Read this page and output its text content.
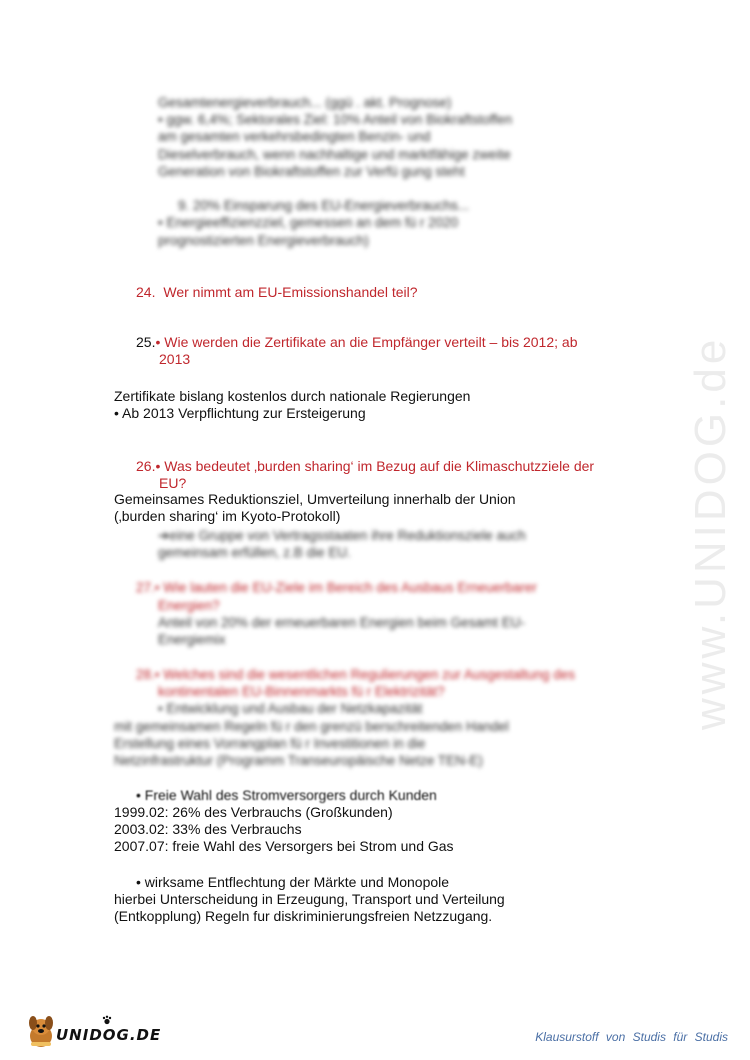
www.UNIDOG.de
Gesamtenergieverbrauch... (ggü . akt. Prognose)
• ggw. 6,4%; Sektorales Ziel: 10% Anteil von Biokraftstoffen
am gesamten verkehrsbedingten Benzin- und
Dieselverbrauch, wenn nachhaltige und marktfähige zweite
Generation von Biokraftstoffen zur Verfü gung steht
9. 20% Einsparung des EU-Energieverbrauchs...
• Energieeffizienzziel, gemessen an dem fü r 2020
prognostizierten Energieverbrauch)
24. Wer nimmt am EU-Emissionshandel teil?
25.• Wie werden die Zertifikate an die Empfänger verteilt – bis 2012; ab
2013
Zertifikate bislang kostenlos durch nationale Regierungen
• Ab 2013 Verpflichtung zur Ersteigerung
26.• Was bedeutet ‚burden sharing‘ im Bezug auf die Klimaschutzziele der
EU?
Gemeinsames Reduktionsziel, Umverteilung innerhalb der Union
(‚burden sharing‘ im Kyoto-Protokoll)
➔eine Gruppe von Vertragsstaaten ihre Reduktionsziele auch
gemeinsam erfüllen, z.B die EU.
27.• Wie lauten die EU-Ziele im Bereich des Ausbaus Erneuerbarer
Energien?
Anteil von 20% der erneuerbaren Energien beim Gesamt EU-
Energiemix
28.• Welches sind die wesentlichen Regulierungen zur Ausgestaltung des
kontinentalen EU-Binnenmarkts fü r Elektrizität?
• Entwicklung und Ausbau der Netzkapazität
mit gemeinsamen Regeln fü r den grenzü berschreitenden Handel
Erstellung eines Vorrangplan fü r Investitionen in die
Netzinfrastruktur (Programm Transeuropäische Netze TEN-E)
• Freie Wahl des Stromversorgers durch Kunden
1999.02: 26% des Verbrauchs (Großkunden)
2003.02: 33% des Verbrauchs
2007.07: freie Wahl des Versorgers bei Strom und Gas
• wirksame Entflechtung der Märkte und Monopole
hierbei Unterscheidung in Erzeugung, Transport und Verteilung
(Entkopplung) Regeln fur diskriminierungsfreien Netzzugang.
UNIDOG.DE	Klausurstoff von Studis für Studis
